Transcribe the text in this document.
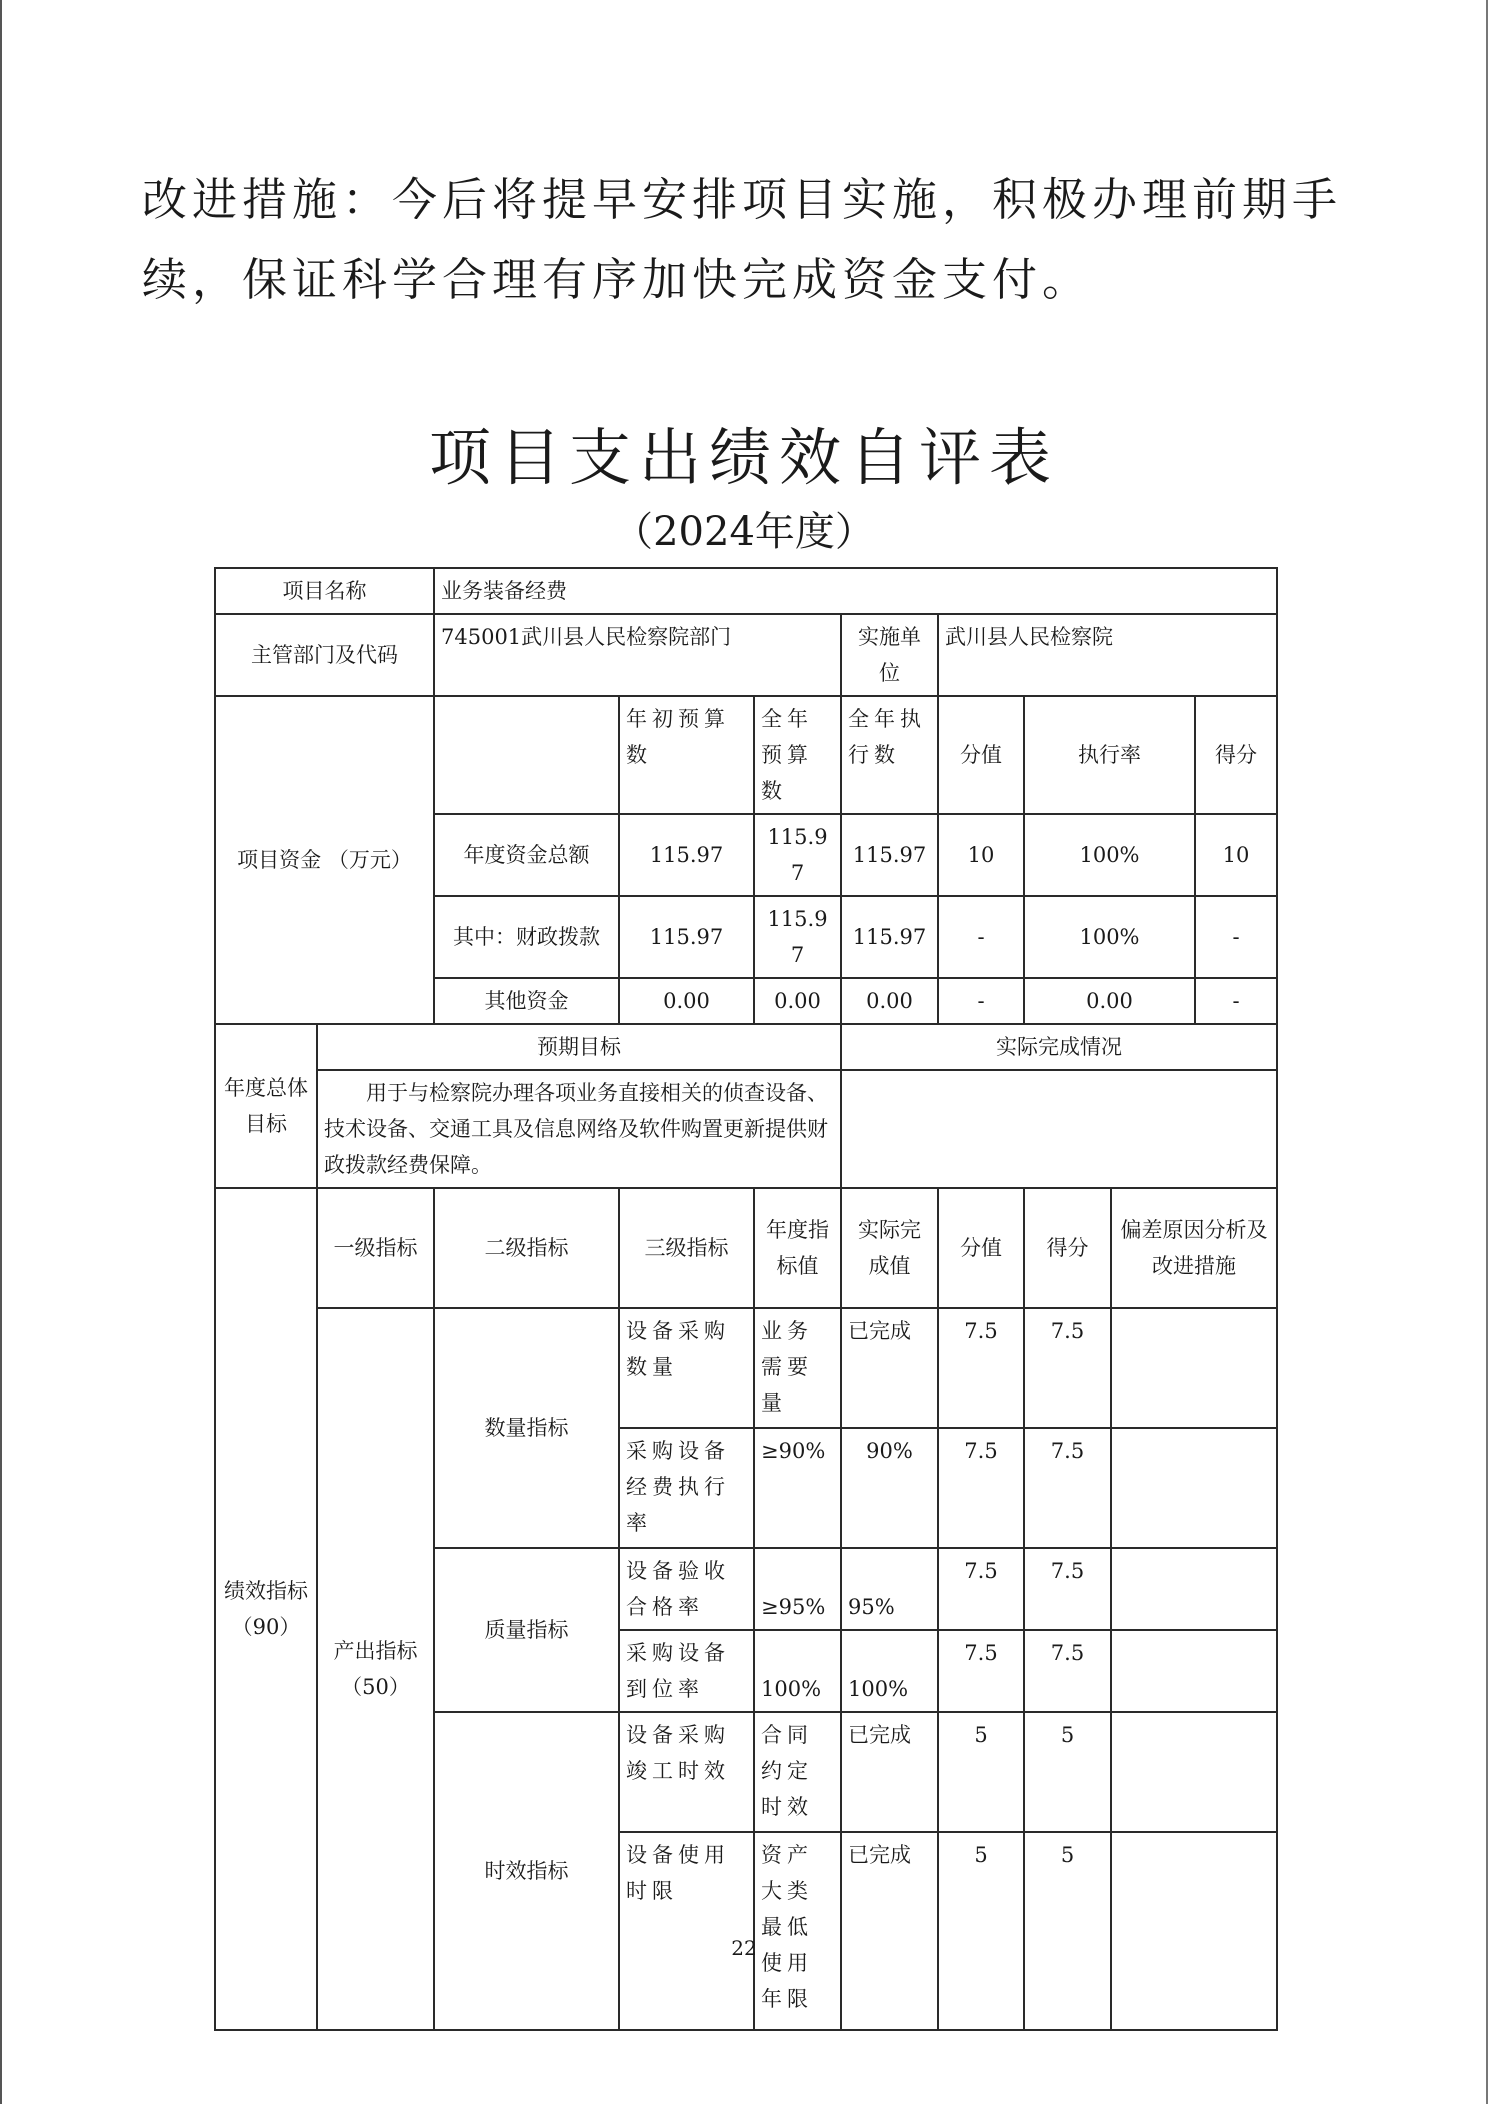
改进措施：今后将提早安排项目实施，积极办理前期手续，保证科学合理有序加快完成资金支付。
项目支出绩效自评表
（2024年度）
项目名称		业务装备经费							
主管部门及代码		745001武川县人民检察院部门			实施单位	武川县人民检察院			
项目资金 （万元）			年初预算数	全年预算数	全年执行数	分值	执行率		得分
		年度资金总额	115.97	115.97	115.97	10	100%		10
		其中：财政拨款	115.97	115.97	115.97	-	100%		-
		其他资金	0.00	0.00	0.00	-	0.00		-
年度总体目标	预期目标				实际完成情况				
	用于与检察院办理各项业务直接相关的侦查设备、技术设备、交通工具及信息网络及软件购置更新提供财政拨款经费保障。								
绩效指标（90）	一级指标	二级指标	三级指标	年度指标值	实际完成值	分值	得分	偏差原因分析及改进措施	
	产出指标（50）	数量指标	设备采购数量	业务需要量	已完成	7.5	7.5		
			采购设备经费执行率	≥90%	90%	7.5	7.5		
		质量指标	设备验收合格率	≥95%	95%	7.5	7.5		
			采购设备到位率	100%	100%	7.5	7.5		
		时效指标	设备采购竣工时效	合同约定时效	已完成	5	5		
			设备使用时限	资产大类最低使用年限	已完成	5	5		
22
